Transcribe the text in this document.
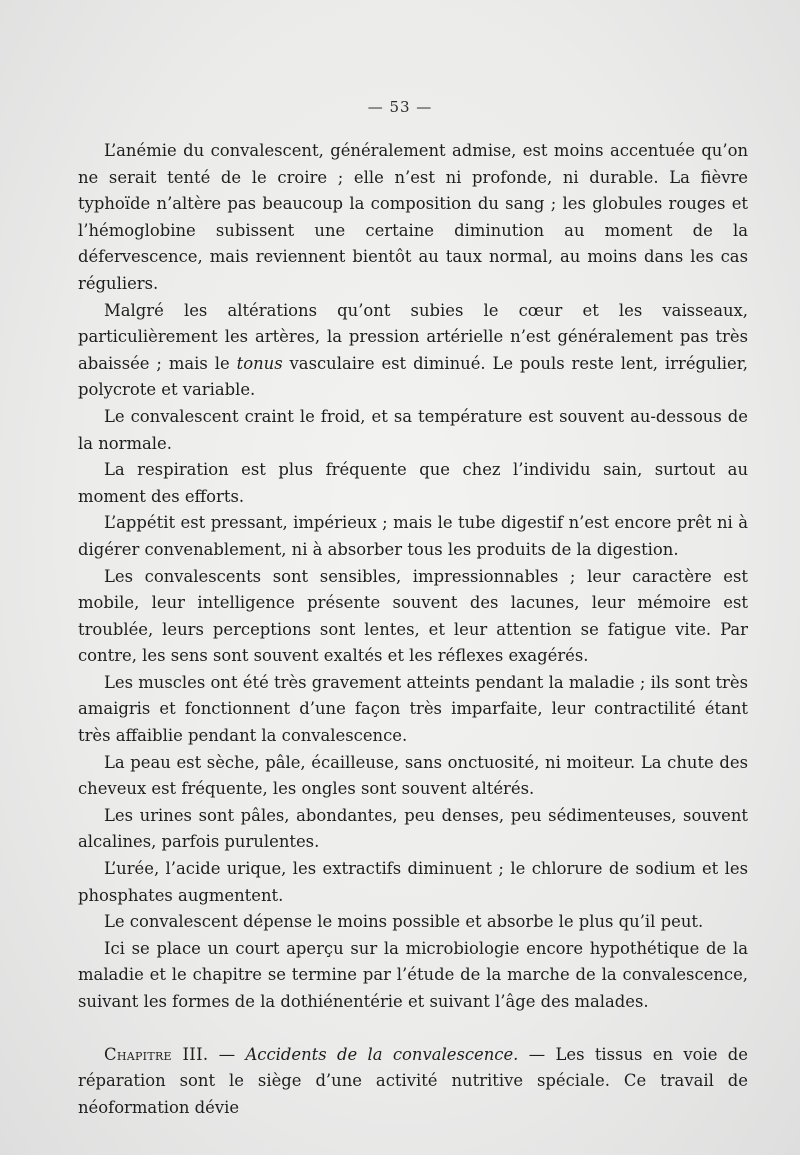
— 53 —

L’anémie du convalescent, généralement admise, est moins accentuée qu’on ne serait tenté de le croire ; elle n’est ni profonde, ni durable. La fièvre typhoïde n’altère pas beaucoup la composition du sang ; les globules rouges et l’hémoglobine subissent une certaine diminution au moment de la défervescence, mais reviennent bientôt au taux normal, au moins dans les cas réguliers.

Malgré les altérations qu’ont subies le cœur et les vaisseaux, particulièrement les artères, la pression artérielle n’est généralement pas très abaissée ; mais le tonus vasculaire est diminué. Le pouls reste lent, irrégulier, polycrote et variable.

Le convalescent craint le froid, et sa température est souvent au-dessous de la normale.

La respiration est plus fréquente que chez l’individu sain, surtout au moment des efforts.

L’appétit est pressant, impérieux ; mais le tube digestif n’est encore prêt ni à digérer convenablement, ni à absorber tous les produits de la digestion.

Les convalescents sont sensibles, impressionnables ; leur caractère est mobile, leur intelligence présente souvent des lacunes, leur mémoire est troublée, leurs perceptions sont lentes, et leur attention se fatigue vite. Par contre, les sens sont souvent exaltés et les réflexes exagérés.

Les muscles ont été très gravement atteints pendant la maladie ; ils sont très amaigris et fonctionnent d’une façon très imparfaite, leur contractilité étant très affaiblie pendant la convalescence.

La peau est sèche, pâle, écailleuse, sans onctuosité, ni moiteur. La chute des cheveux est fréquente, les ongles sont souvent altérés.

Les urines sont pâles, abondantes, peu denses, peu sédimenteuses, souvent alcalines, parfois purulentes.

L’urée, l’acide urique, les extractifs diminuent ; le chlorure de sodium et les phosphates augmentent.

Le convalescent dépense le moins possible et absorbe le plus qu’il peut.

Ici se place un court aperçu sur la microbiologie encore hypothétique de la maladie et le chapitre se termine par l’étude de la marche de la convalescence, suivant les formes de la dothiénentérie et suivant l’âge des malades.

Chapitre III. — Accidents de la convalescence. — Les tissus en voie de réparation sont le siège d’une activité nutritive spéciale. Ce travail de néoformation dévie
